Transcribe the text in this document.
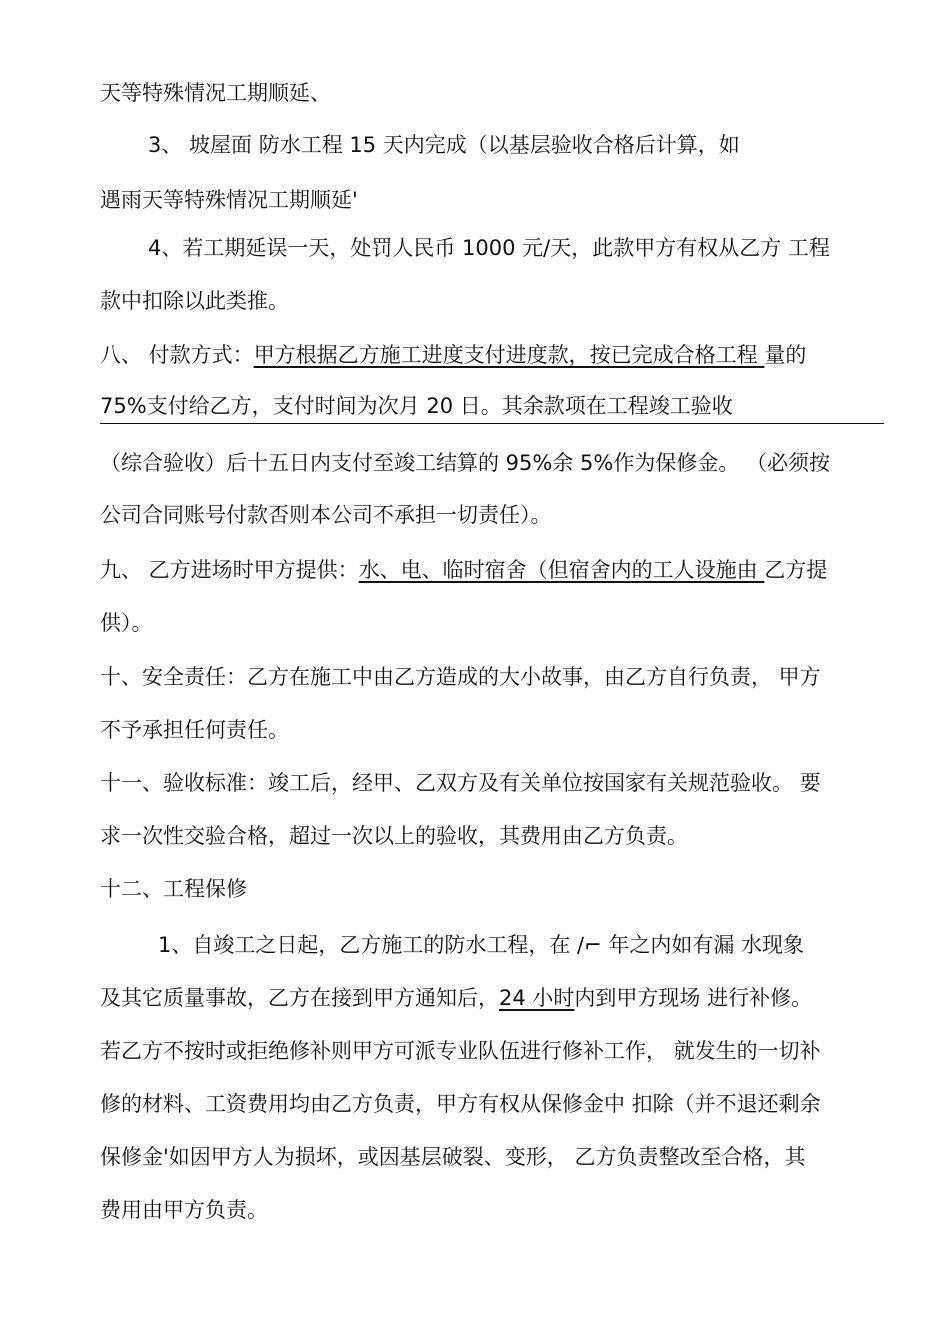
天等特殊情况工期顺延、
3、 坡屋面 防水工程 15 天内完成（以基层验收合格后计算，如
遇雨天等特殊情况工期顺延'
4、若工期延误一天，处罚人民币 1000 元/天，此款甲方有权从乙方 工程
款中扣除以此类推。
八、 付款方式：甲方根据乙方施工进度支付进度款，按已完成合格工程 量的
75%支付给乙方，支付时间为次月 20 日。其余款项在工程竣工验收
（综合验收）后十五日内支付至竣工结算的 95%余 5%作为保修金。 （必须按
公司合同账号付款否则本公司不承担一切责任）。
九、 乙方进场时甲方提供：水、电、临时宿舍（但宿舍内的工人设施由 乙方提
供）。
十、安全责任：乙方在施工中由乙方造成的大小故事，由乙方自行负责， 甲方
不予承担任何责任。
十一、验收标准：竣工后，经甲、乙双方及有关单位按国家有关规范验收。 要
求一次性交验合格，超过一次以上的验收，其费用由乙方负责。
十二、工程保修
1、自竣工之日起，乙方施工的防水工程，在 ∕⌐ 年之内如有漏 水现象
及其它质量事故，乙方在接到甲方通知后，24 小时内到甲方现场 进行补修。
若乙方不按时或拒绝修补则甲方可派专业队伍进行修补工作， 就发生的一切补
修的材料、工资费用均由乙方负责，甲方有权从保修金中 扣除（并不退还剩余
保修金'如因甲方人为损坏，或因基层破裂、变形， 乙方负责整改至合格，其
费用由甲方负责。
